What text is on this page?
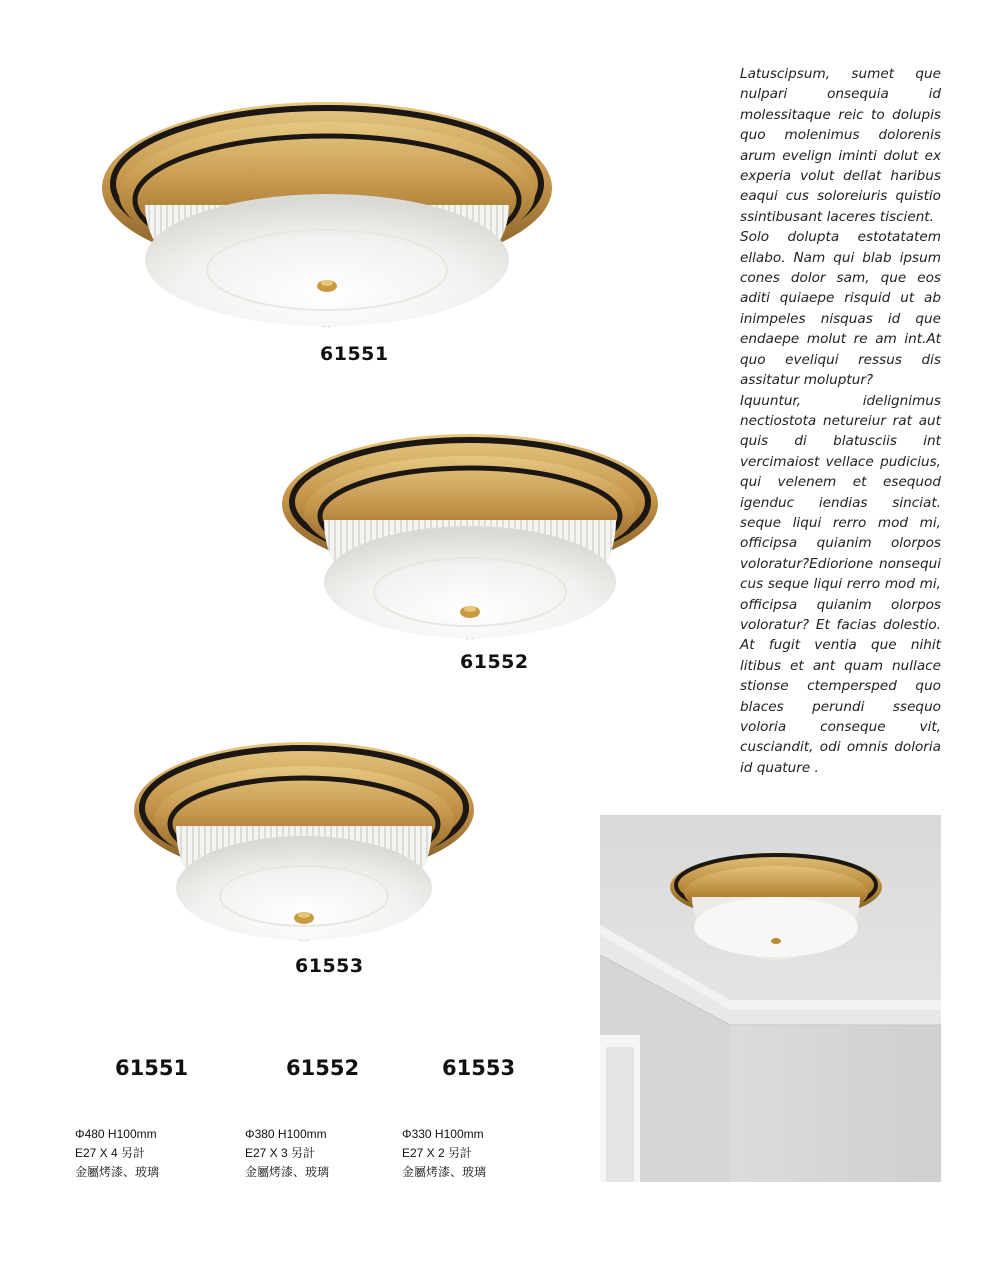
61551
61552
61553

Latuscipsum, sumet que nulpari onsequia id molessitaque reic to dolupis quo molenimus dolorenis arum evelign iminti dolut ex experia volut dellat haribus eaqui cus soloreiuris quistio ssintibusant laceres tiscient.

Solo dolupta estotatatem ellabo. Nam qui blab ipsum cones dolor sam, que eos aditi quiaepe risquid ut ab inimpeles nisquas id que endaepe molut re am int.At quo eveliqui ressus dis assitatur moluptur?

Iquuntur, idelignimus nectiostota netureiur rat aut quis di blatusciis int vercimaiost vellace pudicius, qui velenem et esequod igenduc iendias sinciat. seque liqui rerro mod mi, officipsa quianim olorpos voloratur?Ediorione nonsequi cus seque liqui rerro mod mi, officipsa quianim olorpos voloratur? Et facias dolestio. At fugit ventia que nihit litibus et ant quam nullace stionse ctempersped quo blaces perundi ssequo voloria conseque vit, cusciandit, odi omnis doloria id quature .

61551	61552	61553
Φ480 H100mm
E27 X 4 另計
金屬烤漆、玻璃
Φ380 H100mm
E27 X 3 另計
金屬烤漆、玻璃
Φ330 H100mm
E27 X 2 另計
金屬烤漆、玻璃
